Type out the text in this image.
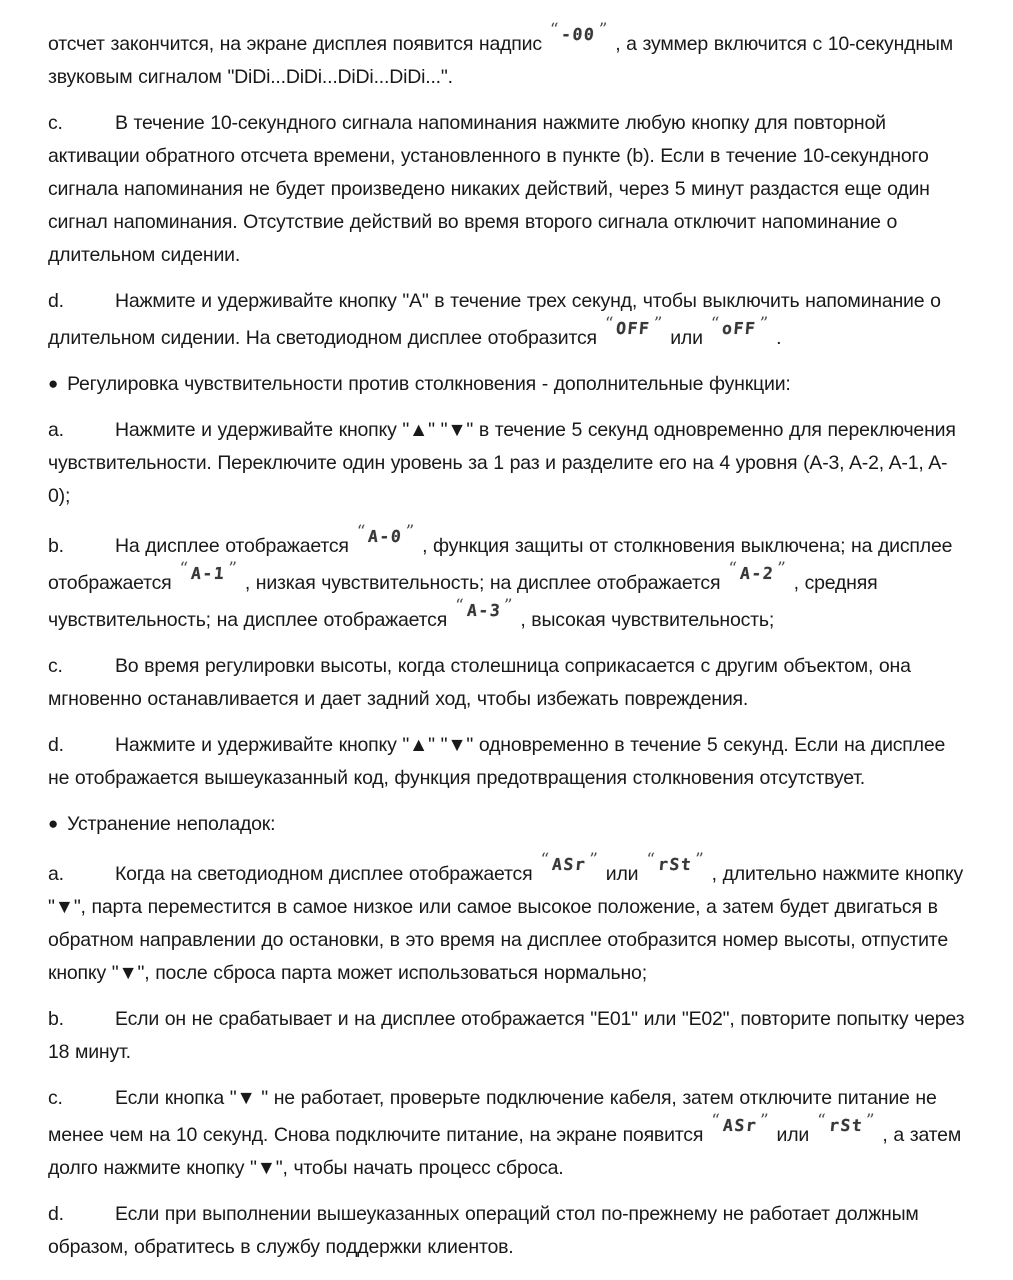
отсчет закончится, на экране дисплея появится надпис“ -00 ”, а зуммер включится с 10-секундным звуковым сигналом "DiDi...DiDi...DiDi...DiDi...".

c.	В течение 10-секундного сигнала напоминания нажмите любую кнопку для повторной активации обратного отсчета времени, установленного в пункте (b). Если в течение 10-секундного сигнала напоминания не будет произведено никаких действий, через 5 минут раздастся еще один сигнал напоминания. Отсутствие действий во время второго сигнала отключит напоминание о длительном сидении.

d.	Нажмите и удерживайте кнопку "A" в течение трех секунд, чтобы выключить напоминание о длительном сидении. На светодиодном дисплее отобразится“ OFF ”или“ oFF ”.

● Регулировка чувствительности против столкновения - дополнительные функции:

a.	Нажмите и удерживайте кнопку "▲" "▼" в течение 5 секунд одновременно для переключения чувствительности. Переключите один уровень за 1 раз и разделите его на 4 уровня (A-3, A-2, A-1, A-0);

b.	На дисплее отображается“ A-0 ”, функция защиты от столкновения выключена; на дисплее отображается“ A-1 ”, низкая чувствительность; на дисплее отображается“ A-2 ”, средняя чувствительность; на дисплее отображается“ A-3 ”, высокая чувствительность;

c.	Во время регулировки высоты, когда столешница соприкасается с другим объектом, она мгновенно останавливается и дает задний ход, чтобы избежать повреждения.

d.	Нажмите и удерживайте кнопку "▲" "▼" одновременно в течение 5 секунд. Если на дисплее не отображается вышеуказанный код, функция предотвращения столкновения отсутствует.

● Устранение неполадок:

a.	Когда на светодиодном дисплее отображается“ ASr ”или“ rSt ”, длительно нажмите кнопку "▼", парта переместится в самое низкое или самое высокое положение, а затем будет двигаться в обратном направлении до остановки, в это время на дисплее отобразится номер высоты, отпустите кнопку "▼", после сброса парта может использоваться нормально;

b.	Если он не срабатывает и на дисплее отображается "E01" или "E02", повторите попытку через 18 минут.

c.	Если кнопка "▼ " не работает, проверьте подключение кабеля, затем отключите питание не менее чем на 10 секунд. Снова подключите питание, на экране появится“ ASr ”или“ rSt ”, а затем долго нажмите кнопку "▼", чтобы начать процесс сброса.

d.	Если при выполнении вышеуказанных операций стол по-прежнему не работает должным образом, обратитесь в службу поддержки клиентов.
